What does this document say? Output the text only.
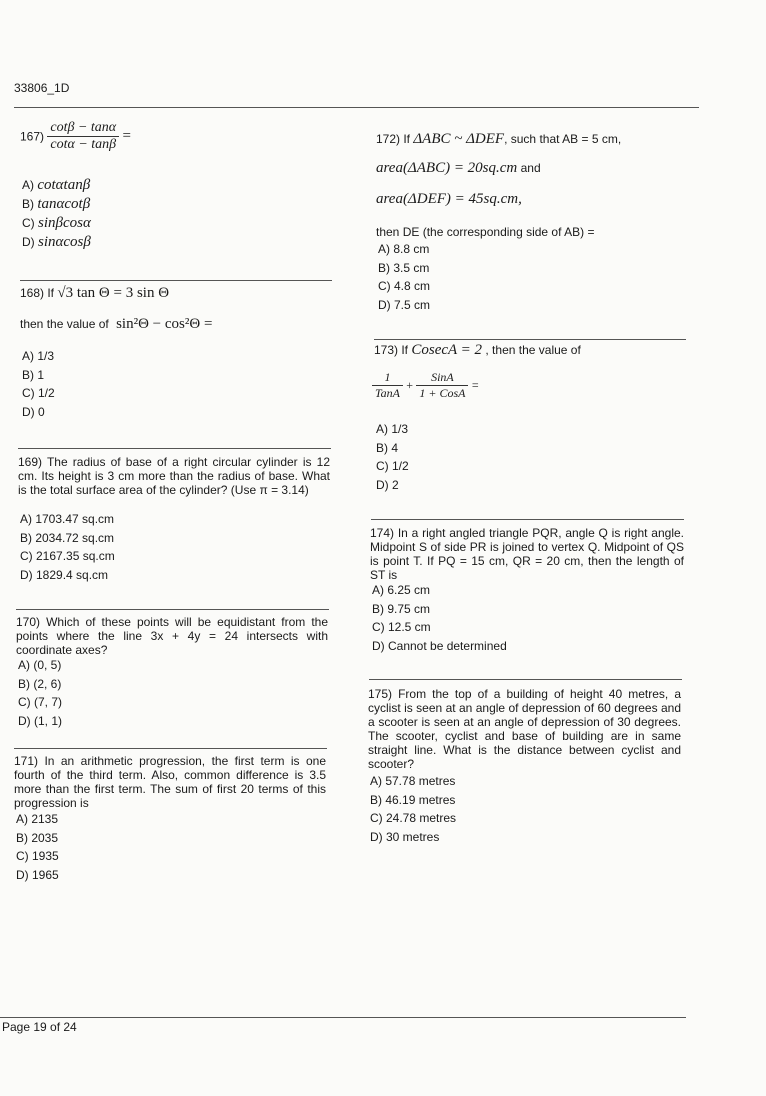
33806_1D
$167) \frac{\cot\beta - \tan\alpha}{\cot\alpha - \tan\beta}$ =
A) cotαtanβ
B) tanαcotβ
C) sinβcosα
D) sinαcosβ
168) If √3 tan Θ = 3 sin Θ
then the value of sin²Θ − cos²Θ =
A) 1/3
B) 1
C) 1/2
D) 0
169) The radius of base of a right circular cylinder is 12 cm. Its height is 3 cm more than the radius of base. What is the total surface area of the cylinder? (Use π = 3.14)
A) 1703.47 sq.cm
B) 2034.72 sq.cm
C) 2167.35 sq.cm
D) 1829.4 sq.cm
170) Which of these points will be equidistant from the points where the line 3x + 4y = 24 intersects with coordinate axes?
A) (0, 5)
B) (2, 6)
C) (7, 7)
D) (1, 1)
171) In an arithmetic progression, the first term is one fourth of the third term. Also, common difference is 3.5 more than the first term. The sum of first 20 terms of this progression is
A) 2135
B) 2035
C) 1935
D) 1965
172) If ΔABC ~ ΔDEF, such that AB = 5 cm,
area(ΔABC) = 20sq.cm and
area(ΔDEF) = 45sq.cm,
then DE (the corresponding side of AB) =
A) 8.8 cm
B) 3.5 cm
C) 4.8 cm
D) 7.5 cm
173) If CosecA = 2 , then the value of
$\frac{1}{\text{TanA}} + \frac{\text{SinA}}{\text{1 + CosA}}$ =
A) 1/3
B) 4
C) 1/2
D) 2
174) In a right angled triangle PQR, angle Q is right angle. Midpoint S of side PR is joined to vertex Q. Midpoint of QS is point T. If PQ = 15 cm, QR = 20 cm, then the length of ST is
A) 6.25 cm
B) 9.75 cm
C) 12.5 cm
D) Cannot be determined
175) From the top of a building of height 40 metres, a cyclist is seen at an angle of depression of 60 degrees and a scooter is seen at an angle of depression of 30 degrees. The scooter, cyclist and base of building are in same straight line. What is the distance between cyclist and scooter?
A) 57.78 metres
B) 46.19 metres
C) 24.78 metres
D) 30 metres
Page 19 of 24
